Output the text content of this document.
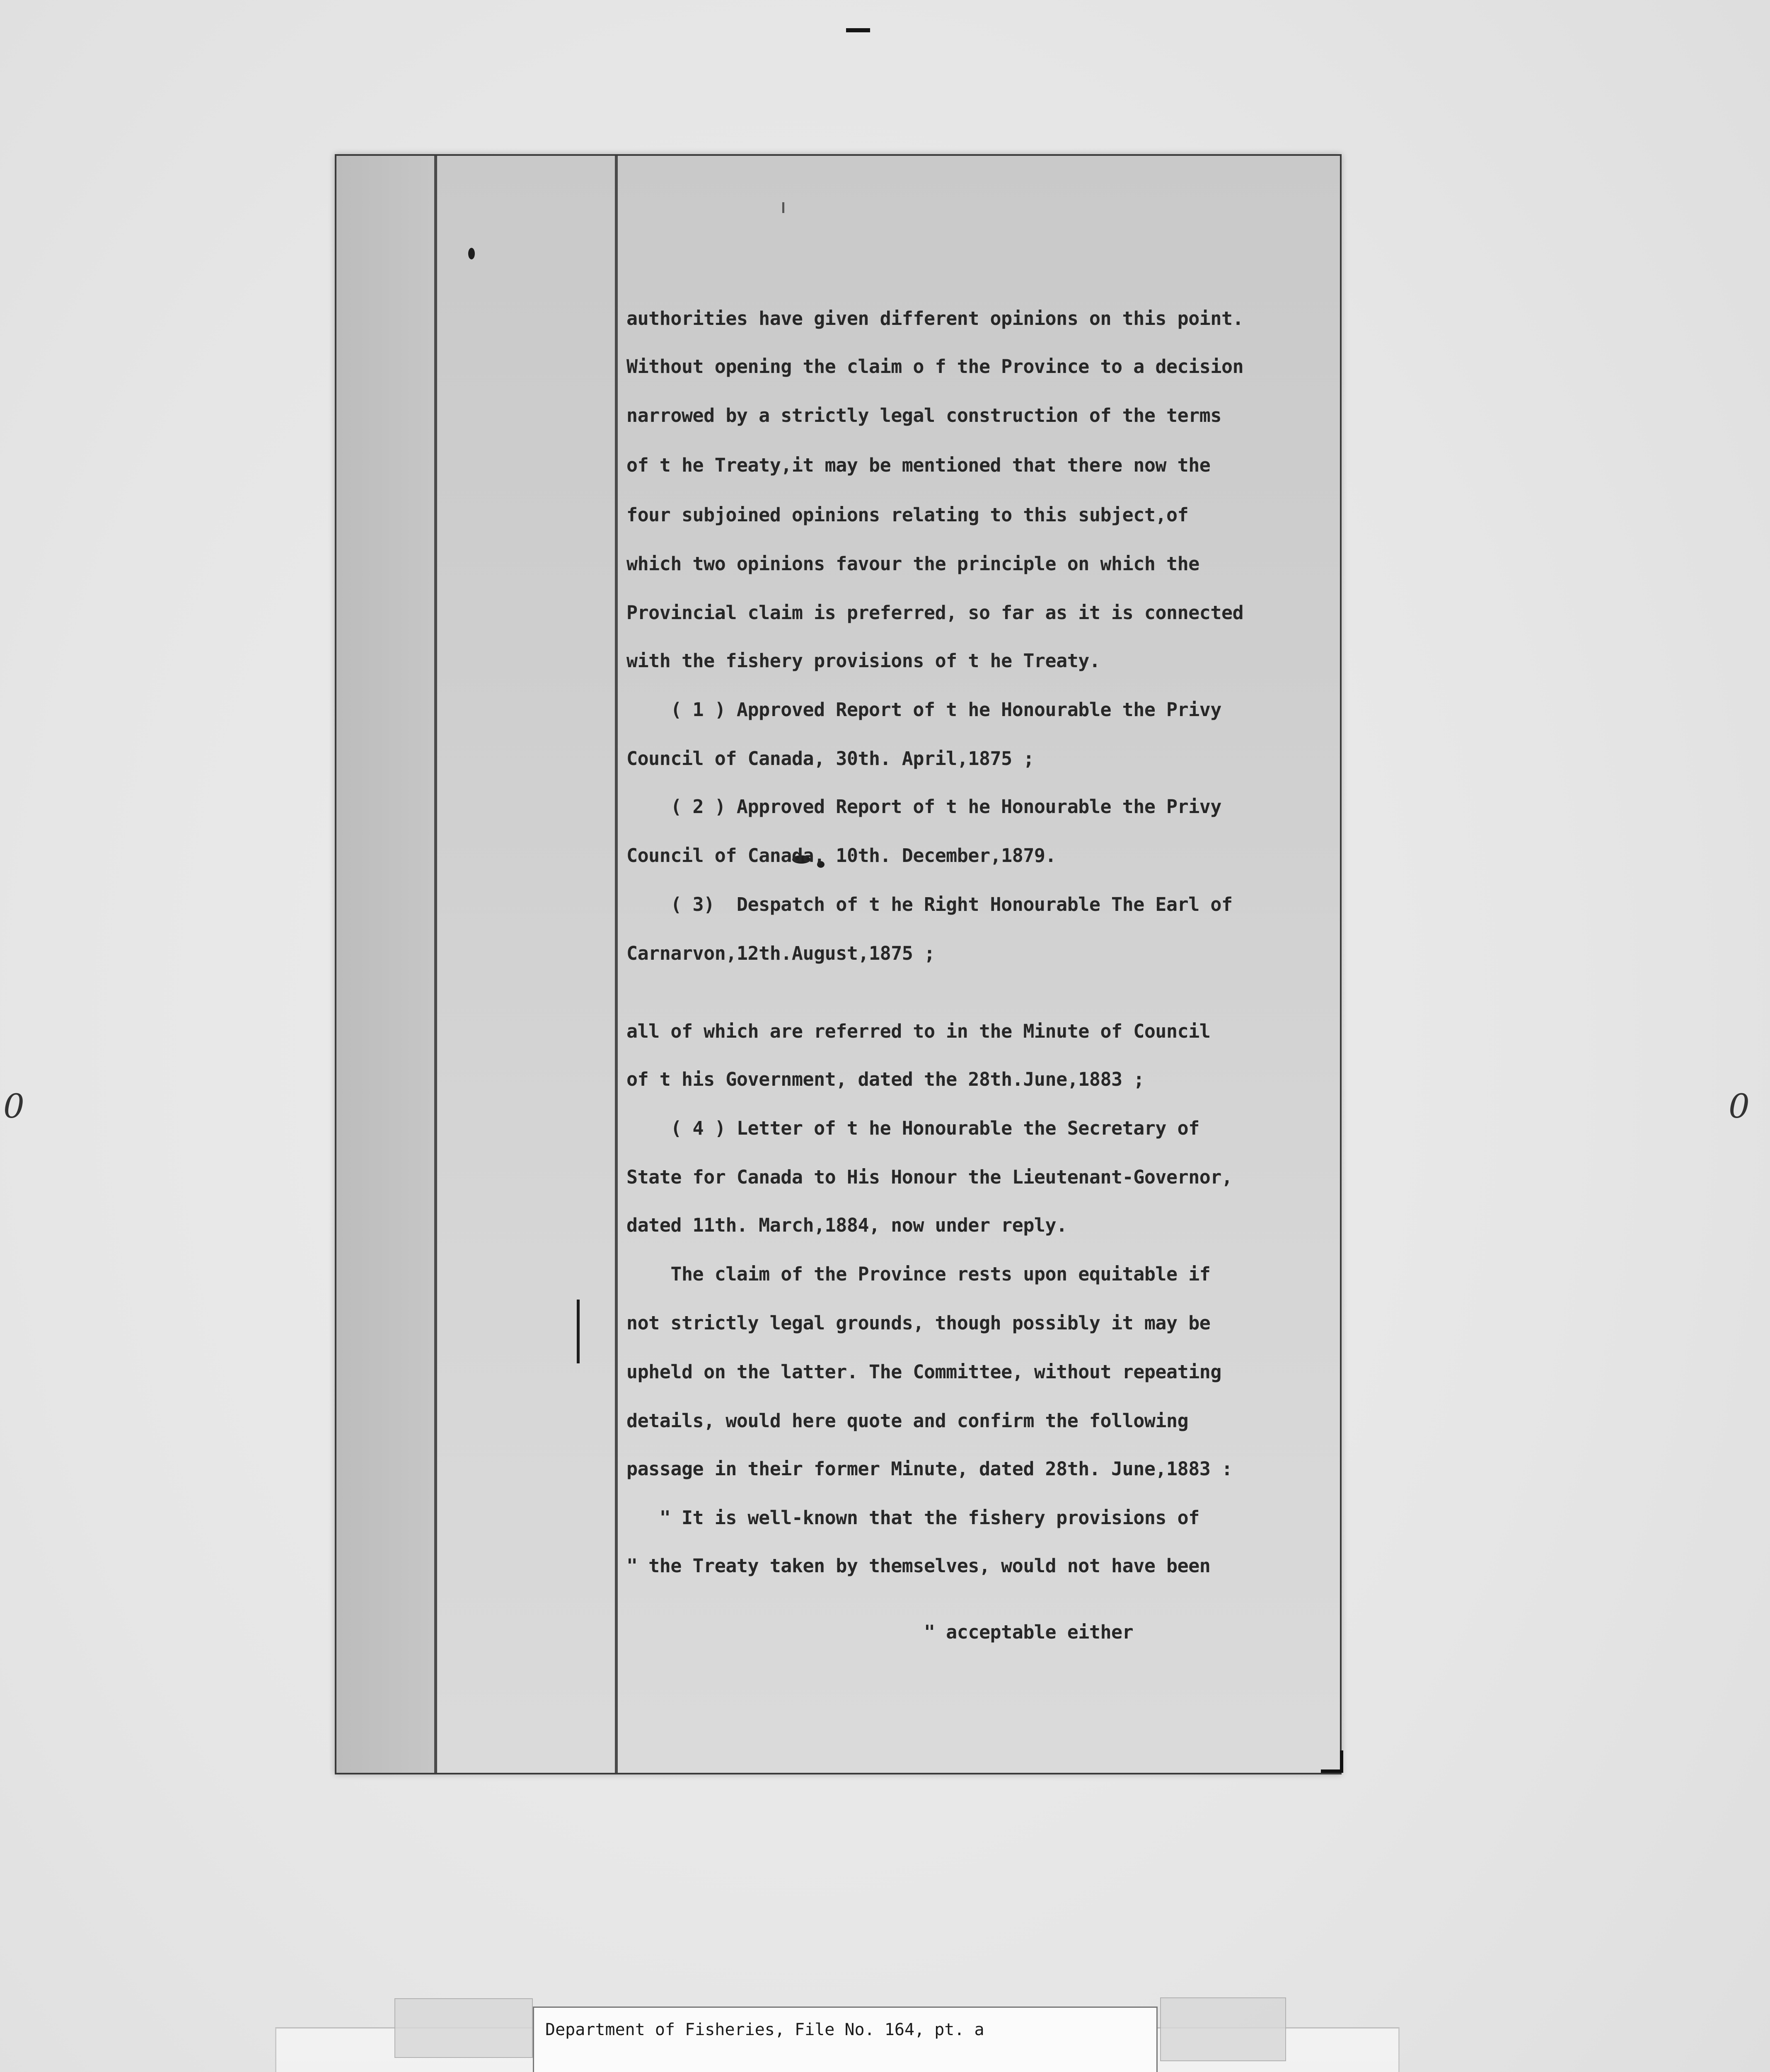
0	0
authorities have given different opinions on this point.
Without opening the claim o f the Province to a decision
narrowed by a strictly legal construction of the terms
of t he Treaty,it may be mentioned that there now the
four subjoined opinions relating to this subject,of
which two opinions favour the principle on which the
Provincial claim is preferred, so far as it is connected
with the fishery provisions of t he Treaty.
( 1 ) Approved Report of t he Honourable the Privy
Council of Canada, 30th. April,1875 ;
( 2 ) Approved Report of t he Honourable the Privy
Council of Canada, 10th. December,1879.
( 3)  Despatch of t he Right Honourable The Earl of
Carnarvon,12th.August,1875 ;
all of which are referred to in the Minute of Council
of t his Government, dated the 28th.June,1883 ;
( 4 ) Letter of t he Honourable the Secretary of
State for Canada to His Honour the Lieutenant-Governor,
dated 11th. March,1884, now under reply.
The claim of the Province rests upon equitable if
not strictly legal grounds, though possibly it may be
upheld on the latter. The Committee, without repeating
details, would here quote and confirm the following
passage in their former Minute, dated 28th. June,1883 :
" It is well-known that the fishery provisions of
" the Treaty taken by themselves, would not have been
" acceptable either
Department of Fisheries, File No. 164, pt. a
